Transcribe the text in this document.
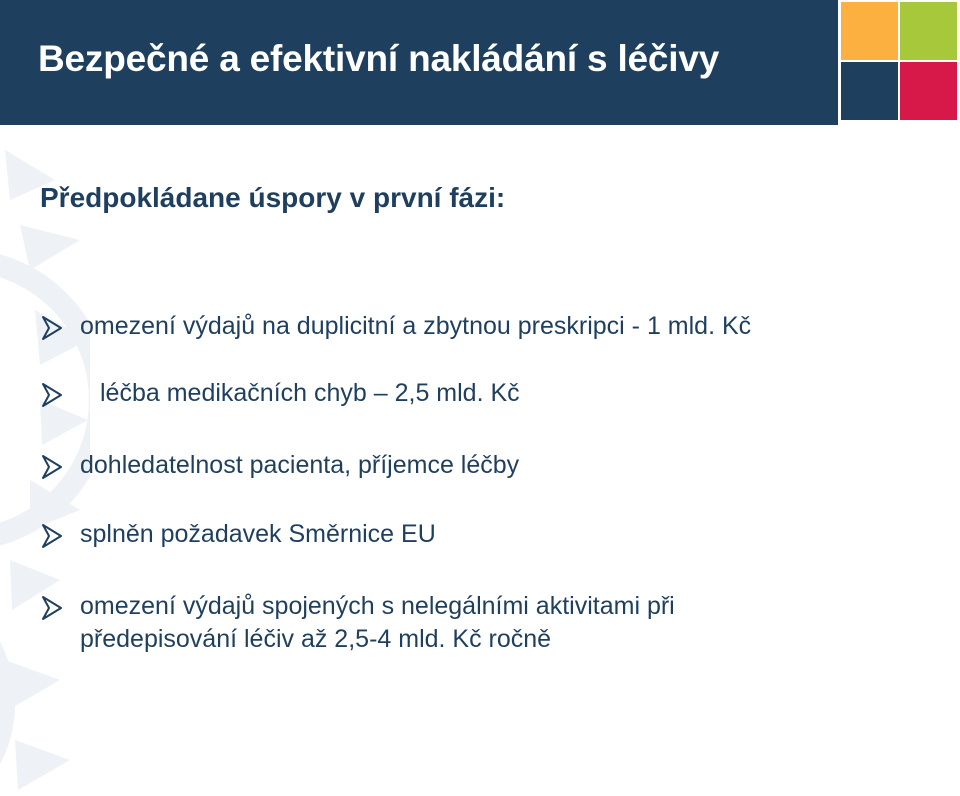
Bezpečné a efektivní nakládání s léčivy
Předpokládane úspory v první fázi:
omezení výdajů na duplicitní a zbytnou preskripci - 1 mld. Kč
léčba medikačních chyb – 2,5 mld. Kč
dohledatelnost pacienta, příjemce léčby
splněn požadavek Směrnice EU
omezení výdajů spojených s nelegálními aktivitami při
předepisování léčiv až 2,5-4 mld. Kč ročně
